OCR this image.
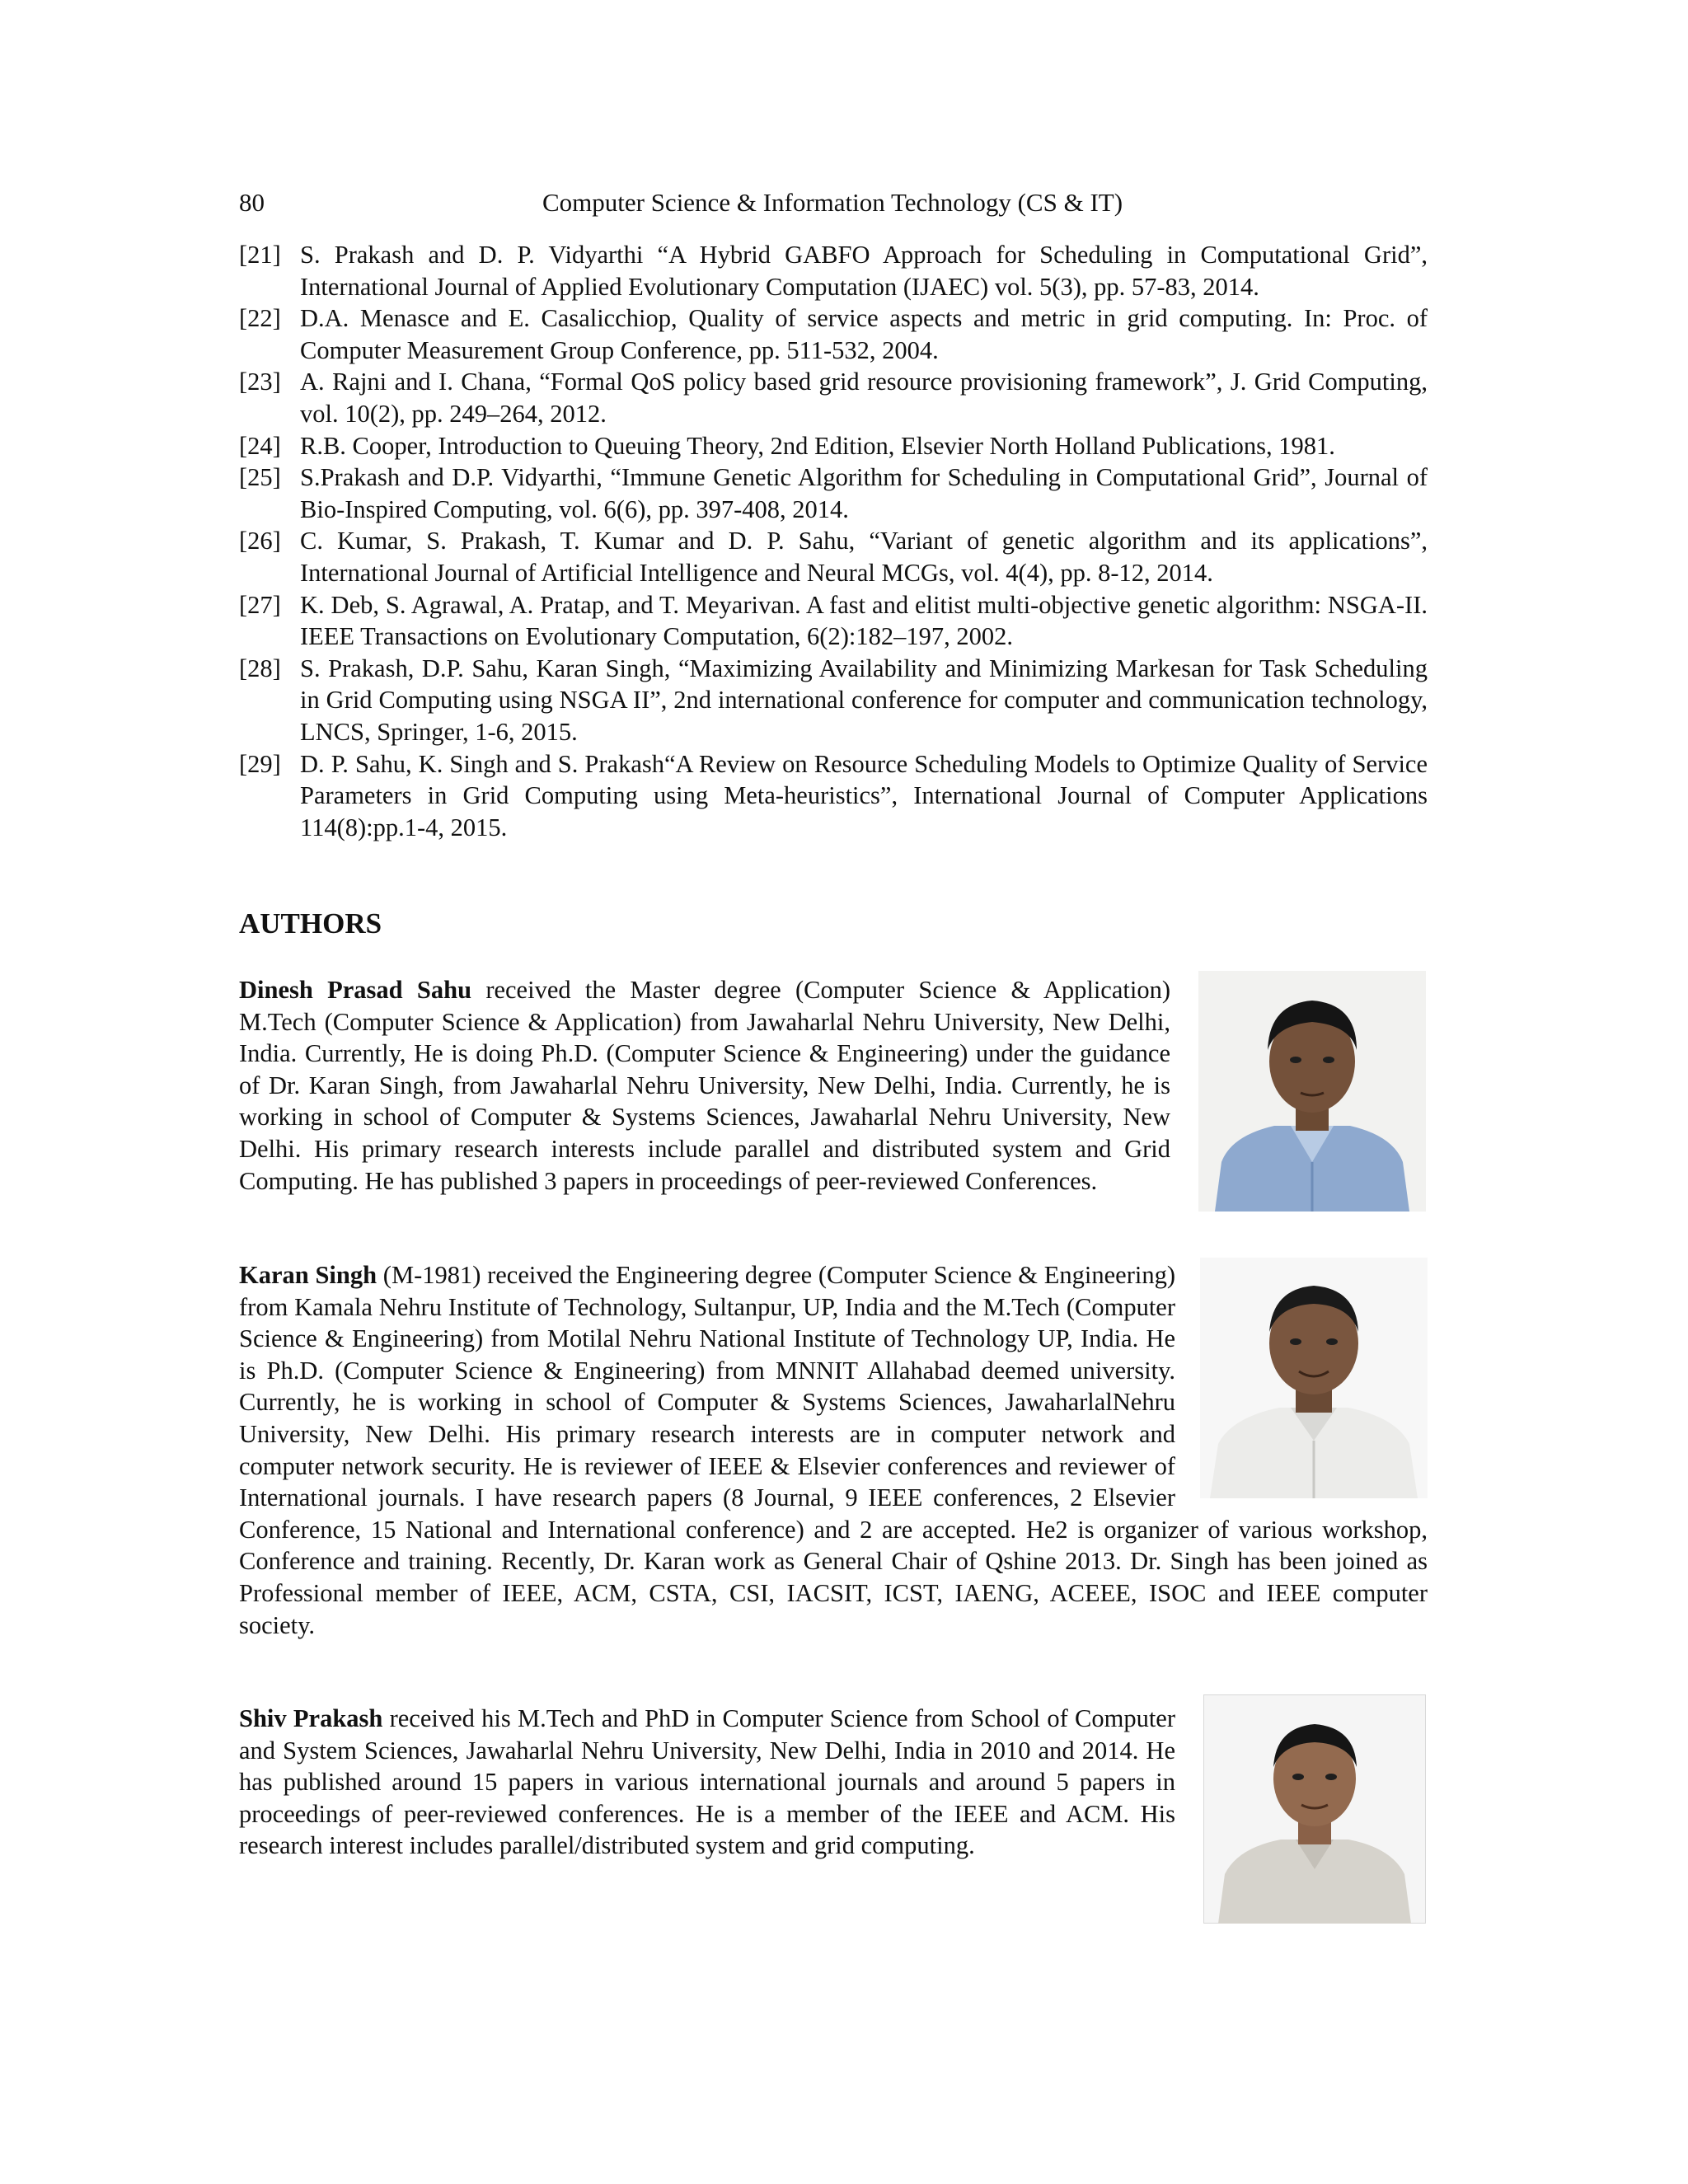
80	Computer Science & Information Technology (CS & IT)
[21] S. Prakash and D. P. Vidyarthi “A Hybrid GABFO Approach for Scheduling in Computational Grid”, International Journal of Applied Evolutionary Computation (IJAEC) vol. 5(3), pp. 57-83, 2014.
[22] D.A. Menasce and E. Casalicchiop, Quality of service aspects and metric in grid computing. In: Proc. of Computer Measurement Group Conference, pp. 511-532, 2004.
[23] A. Rajni and I. Chana, “Formal QoS policy based grid resource provisioning framework”, J. Grid Computing, vol. 10(2), pp. 249–264, 2012.
[24] R.B. Cooper, Introduction to Queuing Theory, 2nd Edition, Elsevier North Holland Publications, 1981.
[25] S.Prakash and D.P. Vidyarthi, “Immune Genetic Algorithm for Scheduling in Computational Grid”, Journal of Bio-Inspired Computing, vol. 6(6), pp. 397-408, 2014.
[26] C. Kumar, S. Prakash, T. Kumar and D. P. Sahu, “Variant of genetic algorithm and its applications”, International Journal of Artificial Intelligence and Neural MCGs, vol. 4(4), pp. 8-12, 2014.
[27] K. Deb, S. Agrawal, A. Pratap, and T. Meyarivan. A fast and elitist multi-objective genetic algorithm: NSGA-II. IEEE Transactions on Evolutionary Computation, 6(2):182–197, 2002.
[28] S. Prakash, D.P. Sahu, Karan Singh, “Maximizing Availability and Minimizing Markesan for Task Scheduling in Grid Computing using NSGA II”, 2nd international conference for computer and communication technology, LNCS, Springer, 1-6, 2015.
[29] D. P. Sahu, K. Singh and S. Prakash“A Review on Resource Scheduling Models to Optimize Quality of Service Parameters in Grid Computing using Meta-heuristics”, International Journal of Computer Applications 114(8):pp.1-4, 2015.
AUTHORS

Dinesh Prasad Sahu received the Master degree (Computer Science & Application) M.Tech (Computer Science & Application) from Jawaharlal Nehru University, New Delhi, India. Currently, He is doing Ph.D. (Computer Science & Engineering) under the guidance of Dr. Karan Singh, from Jawaharlal Nehru University, New Delhi, India. Currently, he is working in school of Computer & Systems Sciences, Jawaharlal Nehru University, New Delhi. His primary research interests include parallel and distributed system and Grid Computing. He has published 3 papers in proceedings of peer-reviewed Conferences.

Karan Singh (M-1981) received the Engineering degree (Computer Science & Engineering) from Kamala Nehru Institute of Technology, Sultanpur, UP, India and the M.Tech (Computer Science & Engineering) from Motilal Nehru National Institute of Technology UP, India. He is Ph.D. (Computer Science & Engineering) from MNNIT Allahabad deemed university. Currently, he is working in school of Computer & Systems Sciences, JawaharlalNehru University, New Delhi. His primary research interests are in computer network and computer network security. He is reviewer of IEEE & Elsevier conferences and reviewer of International journals. I have research papers (8 Journal, 9 IEEE conferences, 2 Elsevier Conference, 15 National and International conference) and 2 are accepted. He2 is organizer of various workshop, Conference and training. Recently, Dr. Karan work as General Chair of Qshine 2013. Dr. Singh has been joined as Professional member of IEEE, ACM, CSTA, CSI, IACSIT, ICST, IAENG, ACEEE, ISOC and IEEE computer society.

Shiv Prakash received his M.Tech and PhD in Computer Science from School of Computer and System Sciences, Jawaharlal Nehru University, New Delhi, India in 2010 and 2014. He has published around 15 papers in various international journals and around 5 papers in proceedings of peer-reviewed conferences. He is a member of the IEEE and ACM. His research interest includes parallel/distributed system and grid computing.
